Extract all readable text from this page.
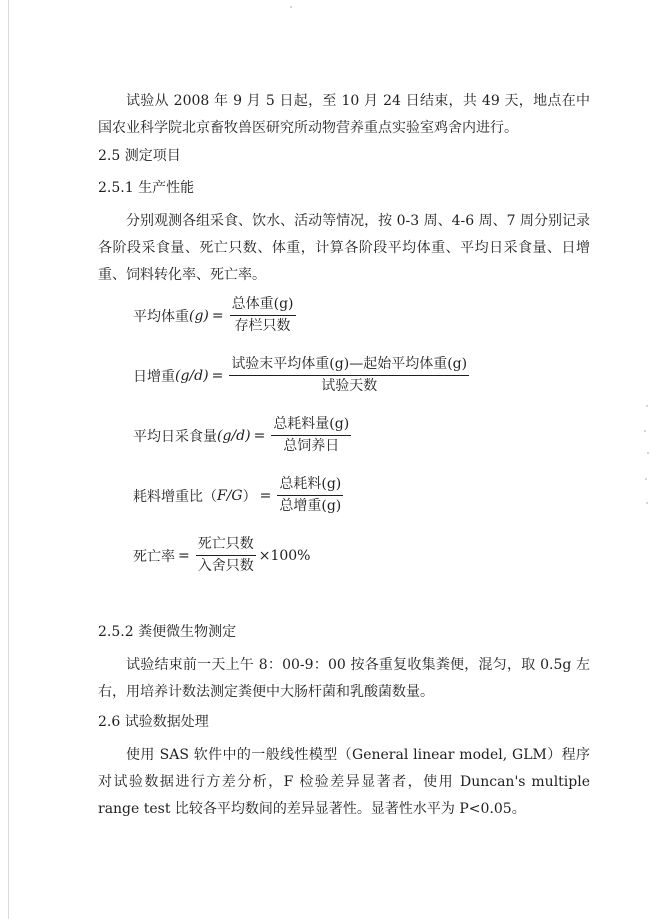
试验从 2008 年 9 月 5 日起，至 10 月 24 日结束，共 49 天，地点在中国农业科学院北京畜牧兽医研究所动物营养重点实验室鸡舍内进行。

2.5 测定项目

2.5.1 生产性能

分别观测各组采食、饮水、活动等情况，按 0-3 周、4-6 周、7 周分别记录各阶段采食量、死亡只数、体重，计算各阶段平均体重、平均日采食量、日增重、饲料转化率、死亡率。

平均体重 $(g) = \frac{\text{总体重(g)}}{\text{存栏只数}}$
日增重 $(g/d) = \frac{\text{试验末平均体重(g)—起始平均体重(g)}}{\text{试验天数}}$
平均日采食量 $(g/d) = \frac{\text{总耗料量(g)}}{\text{总饲养日}}$
耗料增重比（ F/G ） = $\frac{\text{总耗料(g)}}{\text{总增重(g)}}$
死亡率 = $\frac{\text{死亡只数}}{\text{入舍只数}} \times 100\%$

2.5.2 粪便微生物测定

试验结束前一天上午 8：00-9：00 按各重复收集粪便，混匀，取 0.5g 左右，用培养计数法测定粪便中大肠杆菌和乳酸菌数量。

2.6 试验数据处理

使用 SAS 软件中的一般线性模型（General linear model, GLM）程序对试验数据进行方差分析，F 检验差异显著者，使用 Duncan's multiple range test 比较各平均数间的差异显著性。显著性水平为 P<0.05。
